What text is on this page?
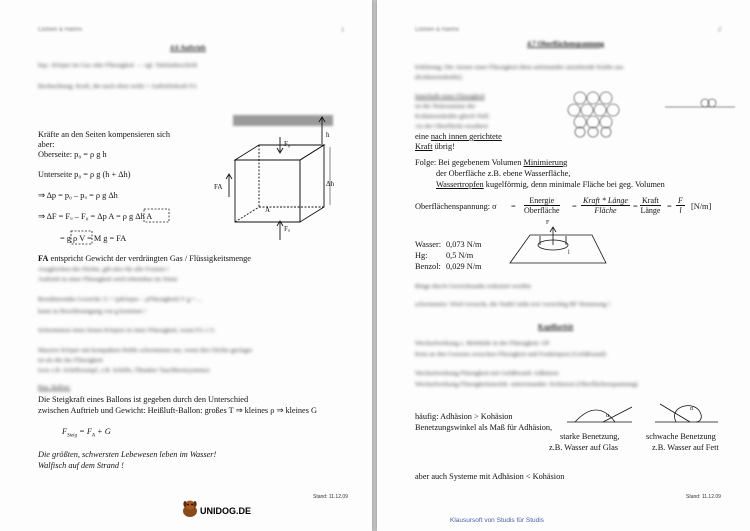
Cloßen & Hanns	1
4.6 Auftrieb
bsp.: Körper im Gas oder Flüssigkeit → vgl. Tafelanbeschrift
Beobachtung: Kraft, die nach oben wirkt = Auftriebskraft FA
Kräfte an den Seiten kompensieren sich
aber:
Oberseite: p₀ = ρ g h
Unterseite p₀ = ρ g (h + Δh)
⇒ Δp = p₀ – pᵤ = ρ g Δh
⇒ ΔF = Fᵤ – F₀ = Δp A = ρ g Δh A
= g ρ V = M g = FA
FA entspricht Gewicht der verdrängten Gas / Flüssigkeitsmenge
Ausgleichen der Dichte, gilt also für alle Formen !
Auftrieb in einer Flüssigkeit wird erkennbar im Sinne
Resultierendes Gewicht: G = (ρKörper – ρFlüssigkeit) V g = ...
kann zu Beschleunigung von g kommen !
Schwimmen eines festen Körpers in einer Flüssigkeit, wenn FA ≥ G
Massive Körper mit kompakten Hohle schwimmen nur, wenn ihre Dichte geringer
ist als die der Flüssigkeit
(wie z.B. Schiffsrumpf, z.B. Schiffe, Öltanker Tauchbootsysteme)
Bsp. Ballon:
Die Steigkraft eines Ballons ist gegeben durch den Unterschied
zwischen Auftrieb und Gewicht: Heißluft-Ballon: großes T ⇒ kleines ρ ⇒ kleines G
$F_{Steig} = F_A + G$
Die größten, schwersten Lebewesen leben im Wasser!
Walfisch auf dem Strand !
Stand: 11.12.09
UNIDOG.DE
F₀
h
FA	Δh
A
Fᵤ
Cloßen & Hanns	2
4.7 Oberflächenspannung
Erklärung: Die Atome einer Flüssigkeit üben aufeinander anziehende Kräfte aus
(Kohäsionskräfte)
Innerhalb einer Flüssigkeit
ist die Nettosumme der
Kohäsionskräfte gleich Null.
An der Oberfläche resultiert
eine nach innen gerichtete
Kraft übrig!
Folge: Bei gegebenem Volumen Minimierung
der Oberfläche z.B. ebene Wasserfläche,
Wassertropfen kugelförmig, denn minimale Fläche bei geg. Volumen
Oberflächenspannung: σ =
Energie
Oberfläche =
Kraft * Länge
Fläche	=
Kraft
Länge = $\frac{F}{l} [N/m]$
Wasser: 0,073 N/m
Hg: 0,5 N/m
Benzol: 0,029 N/m
F
l
Ringe durch Gewichtsnahe reduziert werden
schwimmen: Wird versucht, die Nadel sinkt erst vorsichtig BF Hemmung !
Kapillarität
Wechselwirkung z. Moleküle in der Flüssigkeit: OF
Kein an den Grenzen zwischen Flüssigkeit und Festkörpern (Gefäßwand)
Wechselwirkung Flüssigkeit mit Gefäßwand: Adhäsion
Wechselwirkung Flüssigkeitsmolek. untereinander: Kohäsion (Oberflächenspannung)
häufig: Adhäsion > Kohäsion
Benetzungswinkel als Maß für Adhäsion,
α
α
starke Benetzung,
z.B. Wasser auf Glas
schwache Benetzung
z.B. Wasser auf Fett
aber auch Systeme mit Adhäsion < Kohäsion
Stand: 11.12.09
Klausursoft von Studis für Studis
